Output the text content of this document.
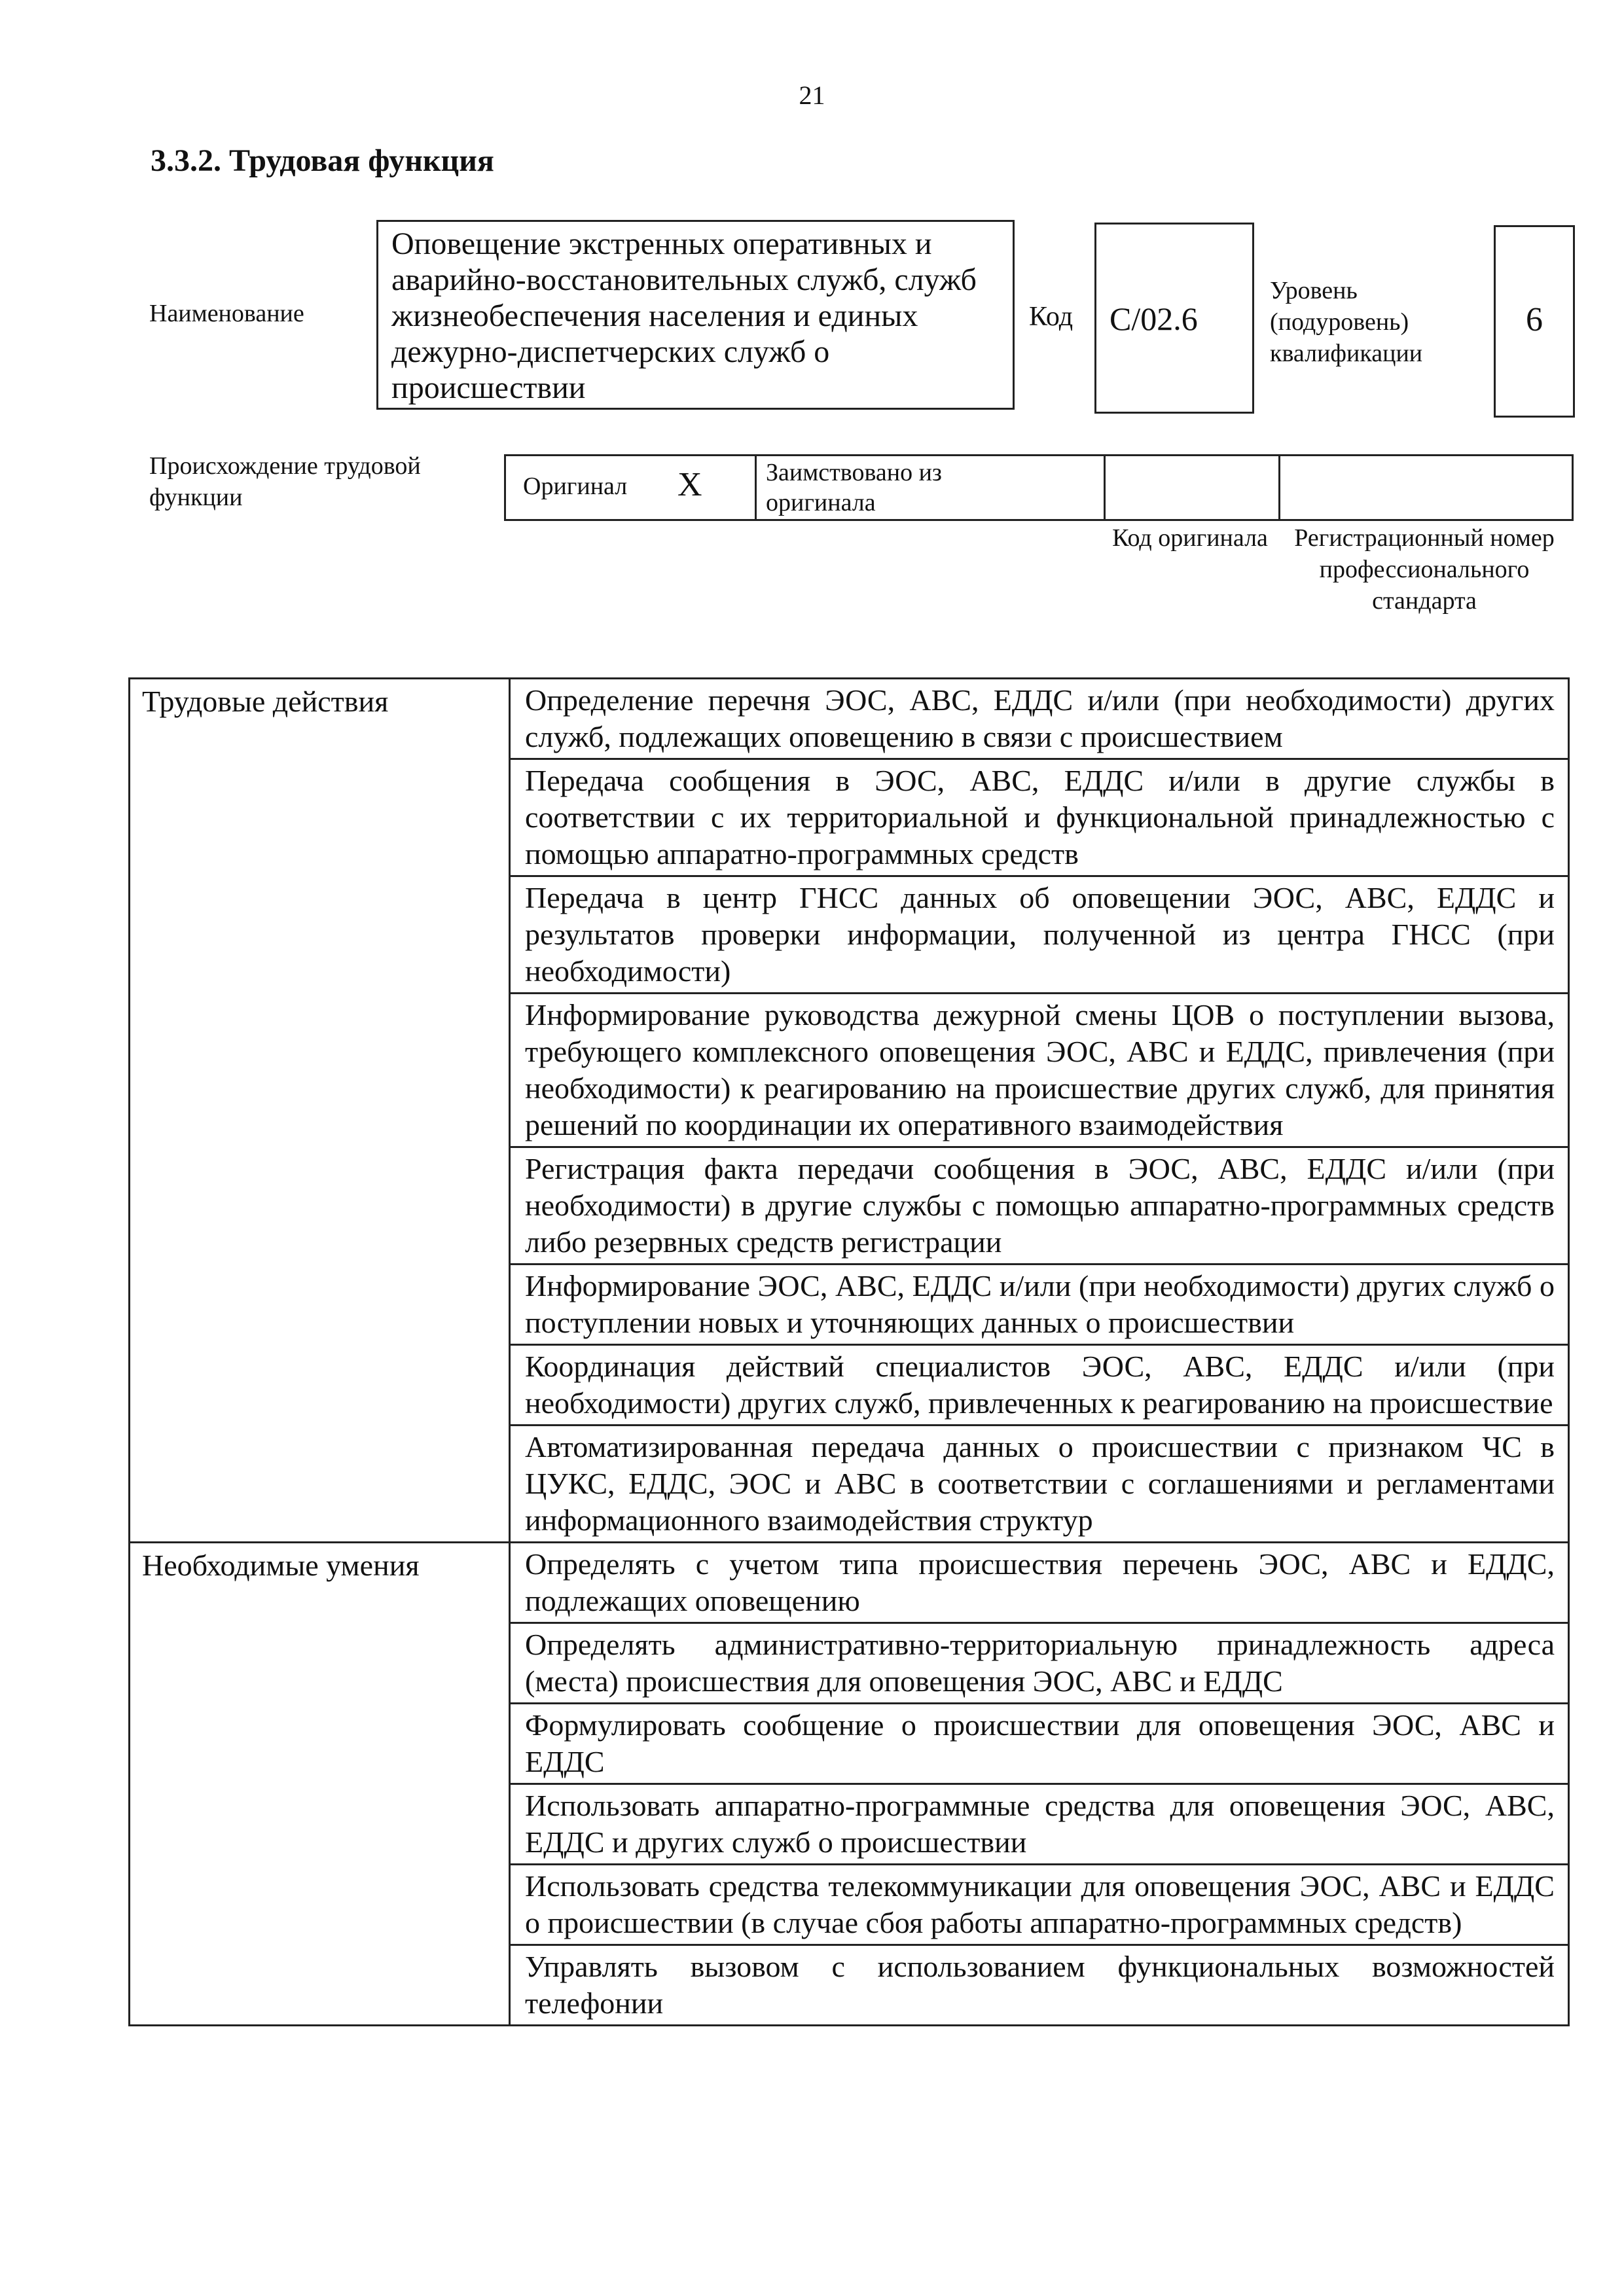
21
3.3.2. Трудовая функция
Наименование
Оповещение экстренных оперативных и аварийно-восстановительных служб, служб жизнеобеспечения населения и единых дежурно-диспетчерских служб о происшествии
Код C/02.6
Уровень (подуровень) квалификации
6
Происхождение трудовой функции	Оригинал X	Заимствовано из оригинала
Код оригинала	Регистрационный номер профессионального стандарта
Трудовые действия	Определение перечня ЭОС, АВС, ЕДДС и/или (при необходимости) других служб, подлежащих оповещению в связи с происшествием
	Передача сообщения в ЭОС, АВС, ЕДДС и/или в другие службы в соответствии с их территориальной и функциональной принадлежностью с помощью аппаратно-программных средств
	Передача в центр ГНСС данных об оповещении ЭОС, АВС, ЕДДС и результатов проверки информации, полученной из центра ГНСС (при необходимости)
	Информирование руководства дежурной смены ЦОВ о поступлении вызова, требующего комплексного оповещения ЭОС, АВС и ЕДДС, привлечения (при необходимости) к реагированию на происшествие других служб, для принятия решений по координации их оперативного взаимодействия
	Регистрация факта передачи сообщения в ЭОС, АВС, ЕДДС и/или (при необходимости) в другие службы с помощью аппаратно-программных средств либо резервных средств регистрации
	Информирование ЭОС, АВС, ЕДДС и/или (при необходимости) других служб о поступлении новых и уточняющих данных о происшествии
	Координация действий специалистов ЭОС, АВС, ЕДДС и/или (при необходимости) других служб, привлеченных к реагированию на происшествие
	Автоматизированная передача данных о происшествии с признаком ЧС в ЦУКС, ЕДДС, ЭОС и АВС в соответствии с соглашениями и регламентами информационного взаимодействия структур
Необходимые умения	Определять с учетом типа происшествия перечень ЭОС, АВС и ЕДДС, подлежащих оповещению
	Определять административно-территориальную принадлежность адреса (места) происшествия для оповещения ЭОС, АВС и ЕДДС
	Формулировать сообщение о происшествии для оповещения ЭОС, АВС и ЕДДС
	Использовать аппаратно-программные средства для оповещения ЭОС, АВС, ЕДДС и других служб о происшествии
	Использовать средства телекоммуникации для оповещения ЭОС, АВС и ЕДДС о происшествии (в случае сбоя работы аппаратно-программных средств)
	Управлять вызовом с использованием функциональных возможностей телефонии
